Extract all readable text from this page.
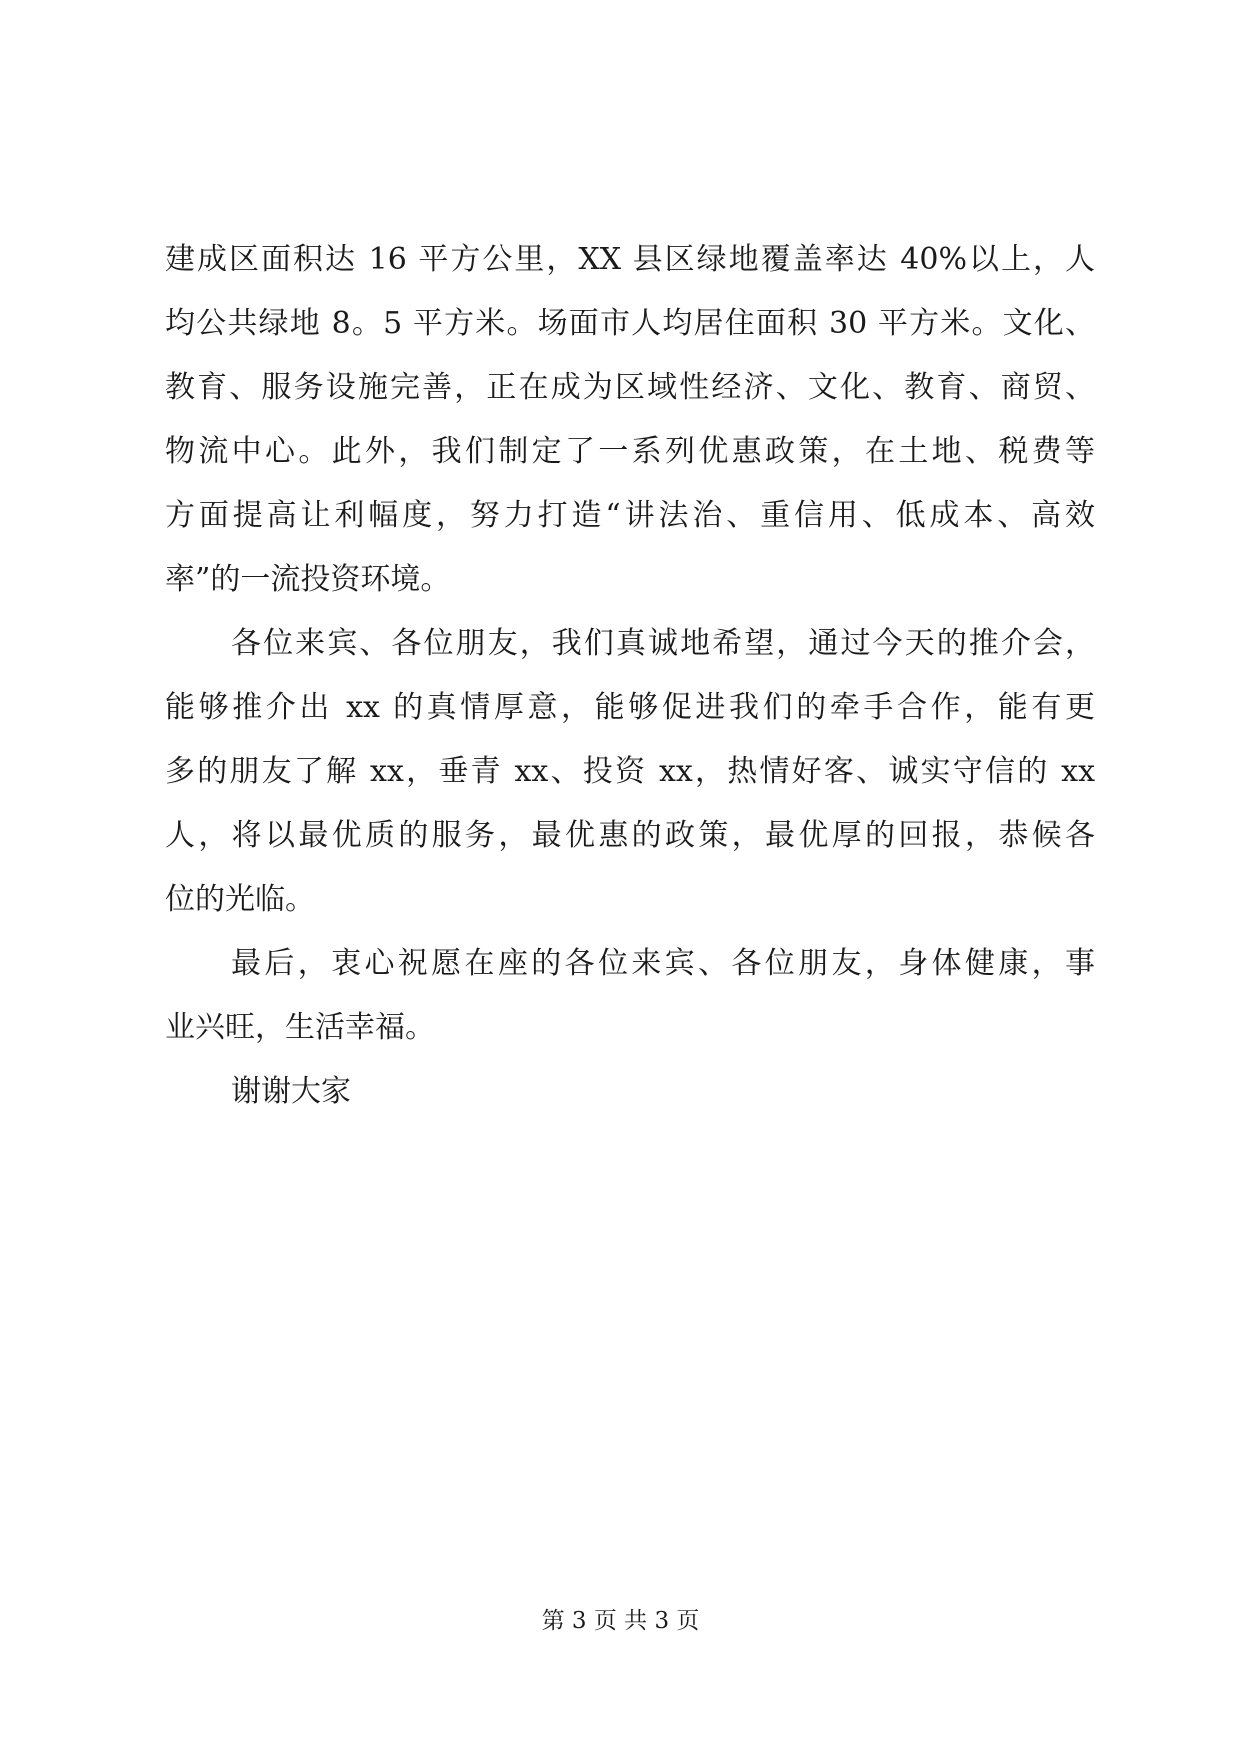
建成区面积达 16 平方公里，XX 县区绿地覆盖率达 40%以上，人
均公共绿地 8。5 平方米。场面市人均居住面积 30 平方米。文化、
教育、服务设施完善，正在成为区域性经济、文化、教育、商贸、
物流中心。此外，我们制定了一系列优惠政策，在土地、税费等
方面提高让利幅度，努力打造“讲法治、重信用、低成本、高效
率”的一流投资环境。
各位来宾、各位朋友，我们真诚地希望，通过今天的推介会，
能够推介出 xx 的真情厚意，能够促进我们的牵手合作，能有更
多的朋友了解 xx，垂青 xx、投资 xx，热情好客、诚实守信的 xx
人，将以最优质的服务，最优惠的政策，最优厚的回报，恭候各
位的光临。
最后，衷心祝愿在座的各位来宾、各位朋友，身体健康，事
业兴旺，生活幸福。
谢谢大家
第 3 页 共 3 页
